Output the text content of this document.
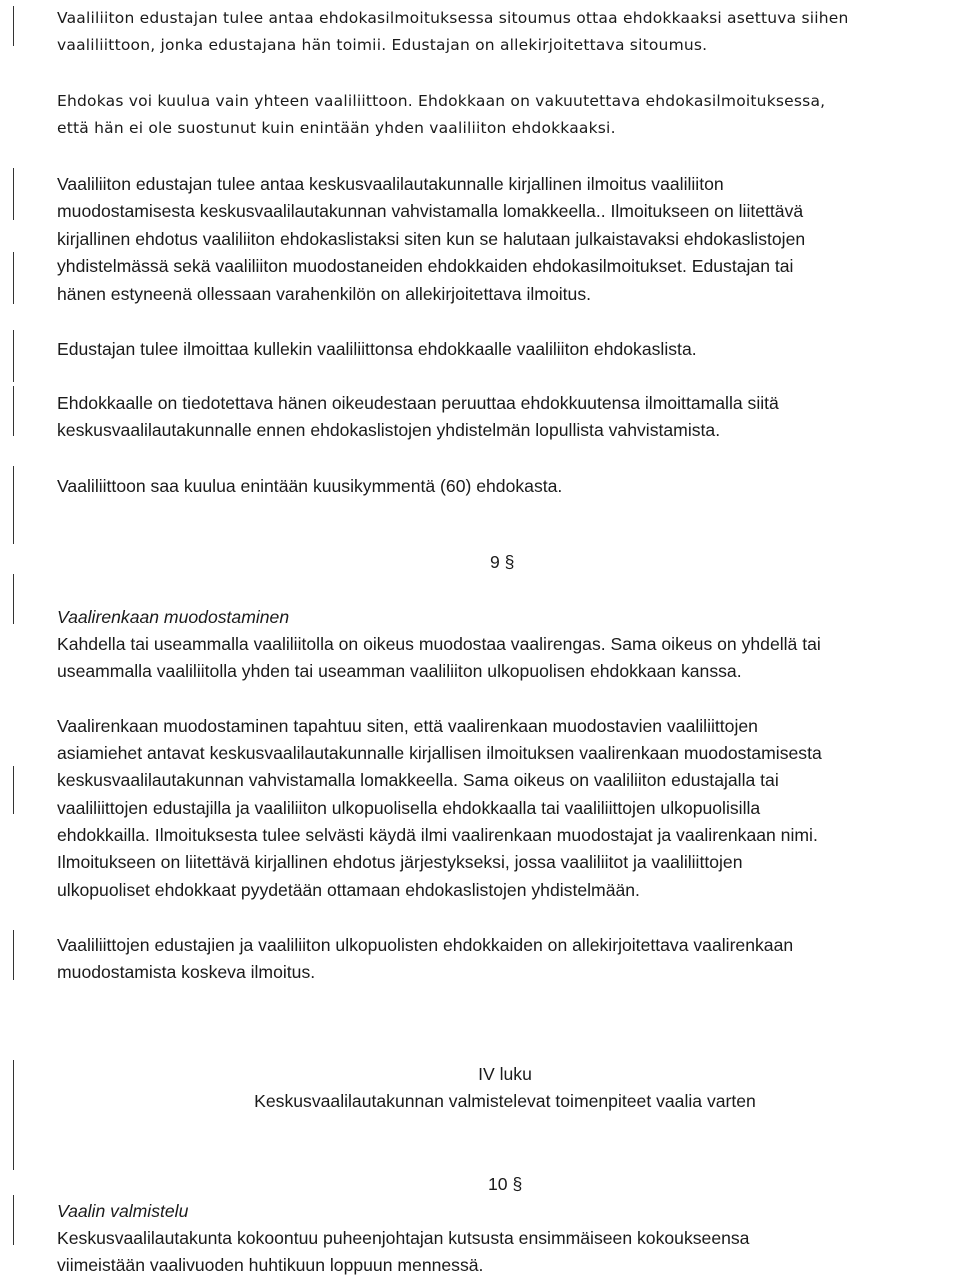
Vaaliliiton edustajan tulee antaa ehdokasilmoituksessa sitoumus ottaa ehdokkaaksi asettuva siihen
vaaliliittoon, jonka edustajana hän toimii. Edustajan on allekirjoitettava sitoumus.
Ehdokas voi kuulua vain yhteen vaaliliittoon. Ehdokkaan on vakuutettava ehdokasilmoituksessa,
että hän ei ole suostunut kuin enintään yhden vaaliliiton ehdokkaaksi.
Vaaliliiton edustajan tulee antaa keskusvaalilautakunnalle kirjallinen ilmoitus vaaliliiton
muodostamisesta keskusvaalilautakunnan vahvistamalla lomakkeella.. Ilmoitukseen on liitettävä
kirjallinen ehdotus vaaliliiton ehdokaslistaksi siten kun se halutaan julkaistavaksi ehdokaslistojen
yhdistelmässä sekä vaaliliiton muodostaneiden ehdokkaiden ehdokasilmoitukset. Edustajan tai
hänen estyneenä ollessaan varahenkilön on allekirjoitettava ilmoitus.
Edustajan tulee ilmoittaa kullekin vaaliliittonsa ehdokkaalle vaaliliiton ehdokaslista.
Ehdokkaalle on tiedotettava hänen oikeudestaan peruuttaa ehdokkuutensa ilmoittamalla siitä
keskusvaalilautakunnalle ennen ehdokaslistojen yhdistelmän lopullista vahvistamista.
Vaaliliittoon saa kuulua enintään kuusikymmentä (60) ehdokasta.
9 §
Vaalirenkaan muodostaminen
Kahdella tai useammalla vaaliliitolla on oikeus muodostaa vaalirengas. Sama oikeus on yhdellä tai
useammalla vaaliliitolla yhden tai useamman vaaliliiton ulkopuolisen ehdokkaan kanssa.
Vaalirenkaan muodostaminen tapahtuu siten, että vaalirenkaan muodostavien vaaliliittojen
asiamiehet antavat keskusvaalilautakunnalle kirjallisen ilmoituksen vaalirenkaan muodostamisesta
keskusvaalilautakunnan vahvistamalla lomakkeella. Sama oikeus on vaaliliiton edustajalla tai
vaaliliittojen edustajilla ja vaaliliiton ulkopuolisella ehdokkaalla tai vaaliliittojen ulkopuolisilla
ehdokkailla. Ilmoituksesta tulee selvästi käydä ilmi vaalirenkaan muodostajat ja vaalirenkaan nimi.
Ilmoitukseen on liitettävä kirjallinen ehdotus järjestykseksi, jossa vaaliliitot ja vaaliliittojen
ulkopuoliset ehdokkaat pyydetään ottamaan ehdokaslistojen yhdistelmään.
Vaaliliittojen edustajien ja vaaliliiton ulkopuolisten ehdokkaiden on allekirjoitettava vaalirenkaan
muodostamista koskeva ilmoitus.
IV luku
Keskusvaalilautakunnan valmistelevat toimenpiteet vaalia varten
10 §
Vaalin valmistelu
Keskusvaalilautakunta kokoontuu puheenjohtajan kutsusta ensimmäiseen kokoukseensa
viimeistään vaalivuoden huhtikuun loppuun mennessä.
